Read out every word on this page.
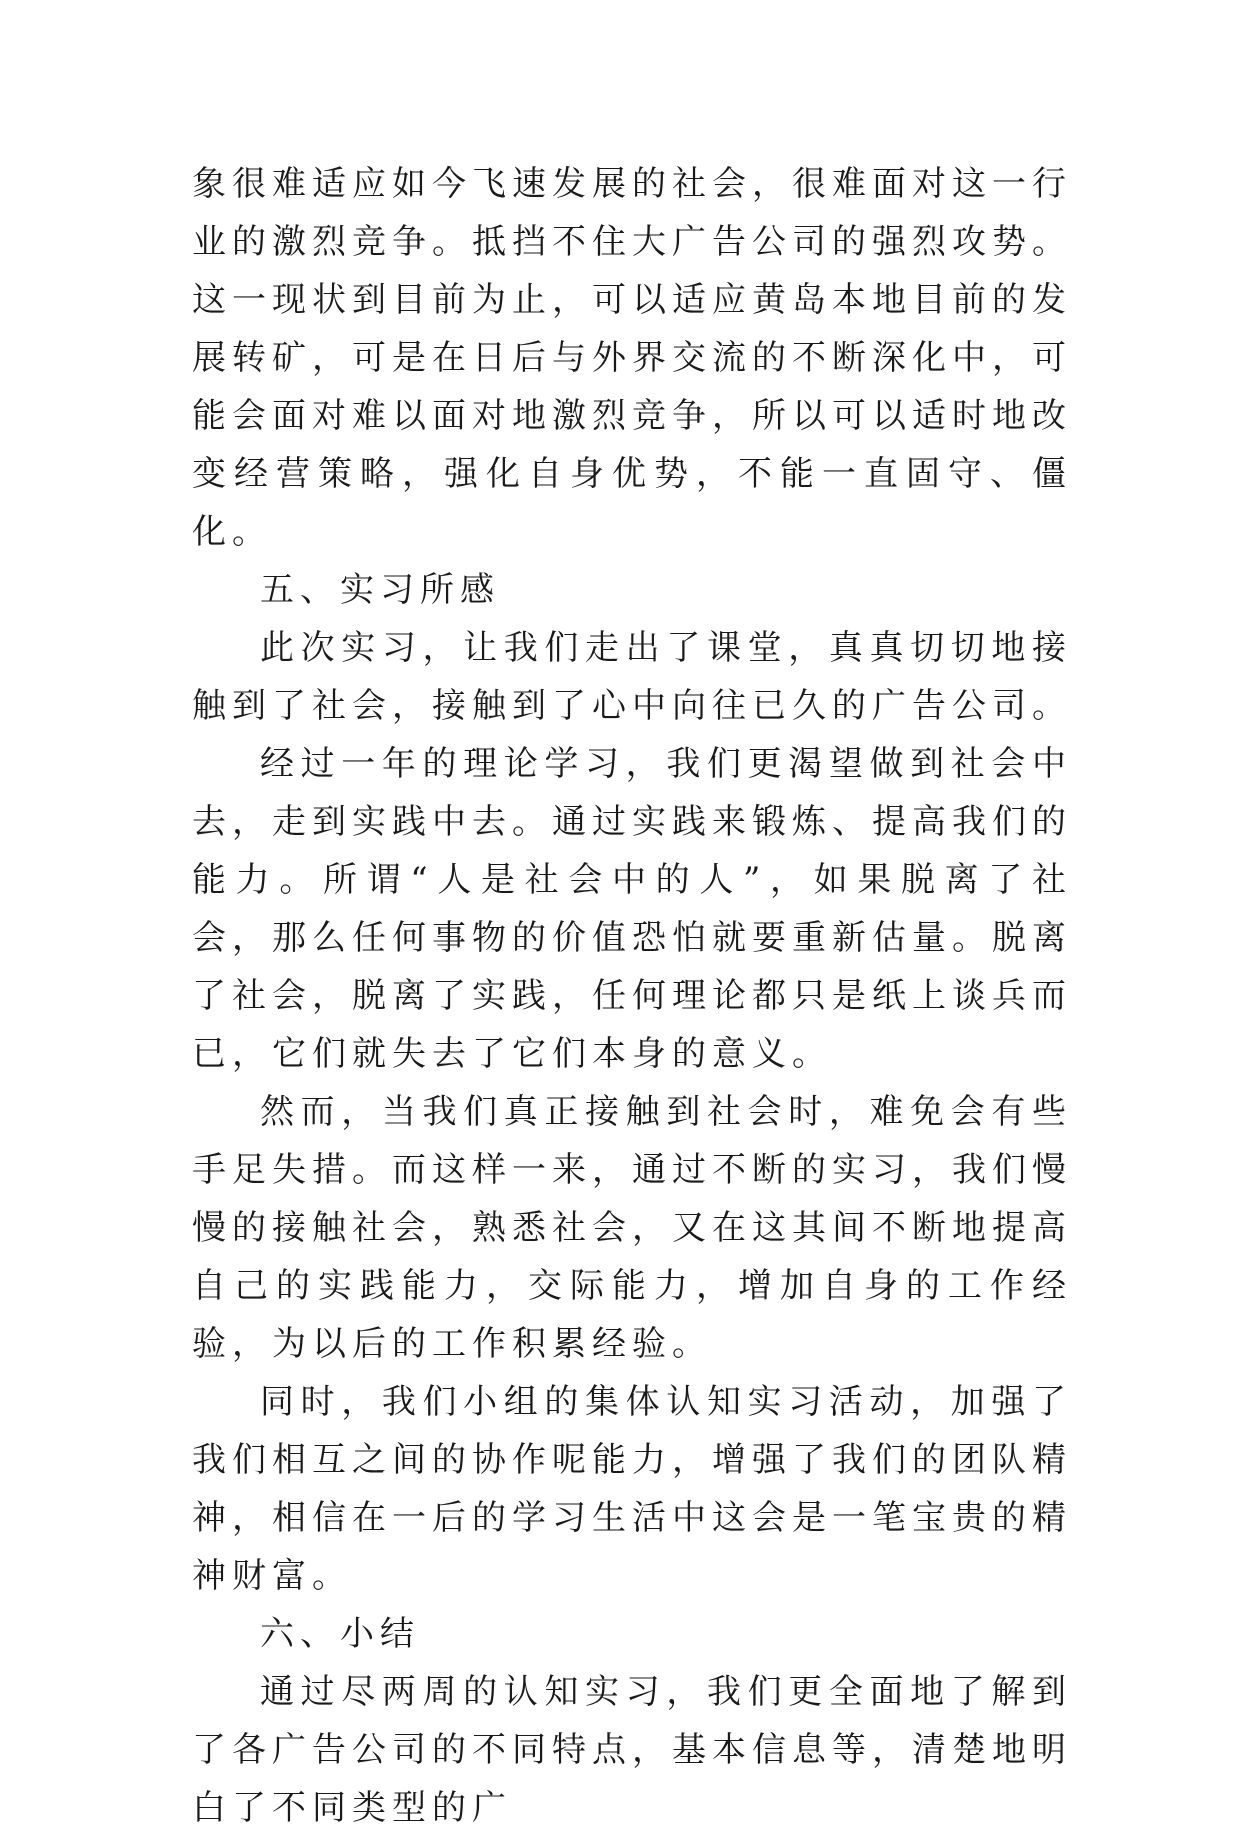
象很难适应如今飞速发展的社会，很难面对这一行业的激烈竞争。抵挡不住大广告公司的强烈攻势。这一现状到目前为止，可以适应黄岛本地目前的发展转矿，可是在日后与外界交流的不断深化中，可能会面对难以面对地激烈竞争，所以可以适时地改变经营策略，强化自身优势，不能一直固守、僵化。

五、实习所感

此次实习，让我们走出了课堂，真真切切地接触到了社会，接触到了心中向往已久的广告公司。

经过一年的理论学习，我们更渴望做到社会中去，走到实践中去。通过实践来锻炼、提高我们的能力。所谓“人是社会中的人”，如果脱离了社会，那么任何事物的价值恐怕就要重新估量。脱离了社会，脱离了实践，任何理论都只是纸上谈兵而已，它们就失去了它们本身的意义。

然而，当我们真正接触到社会时，难免会有些手足失措。而这样一来，通过不断的实习，我们慢慢的接触社会，熟悉社会，又在这其间不断地提高自己的实践能力，交际能力，增加自身的工作经验，为以后的工作积累经验。

同时，我们小组的集体认知实习活动，加强了我们相互之间的协作呢能力，增强了我们的团队精神，相信在一后的学习生活中这会是一笔宝贵的精神财富。

六、小结

通过尽两周的认知实习，我们更全面地了解到了各广告公司的不同特点，基本信息等，清楚地明白了不同类型的广
